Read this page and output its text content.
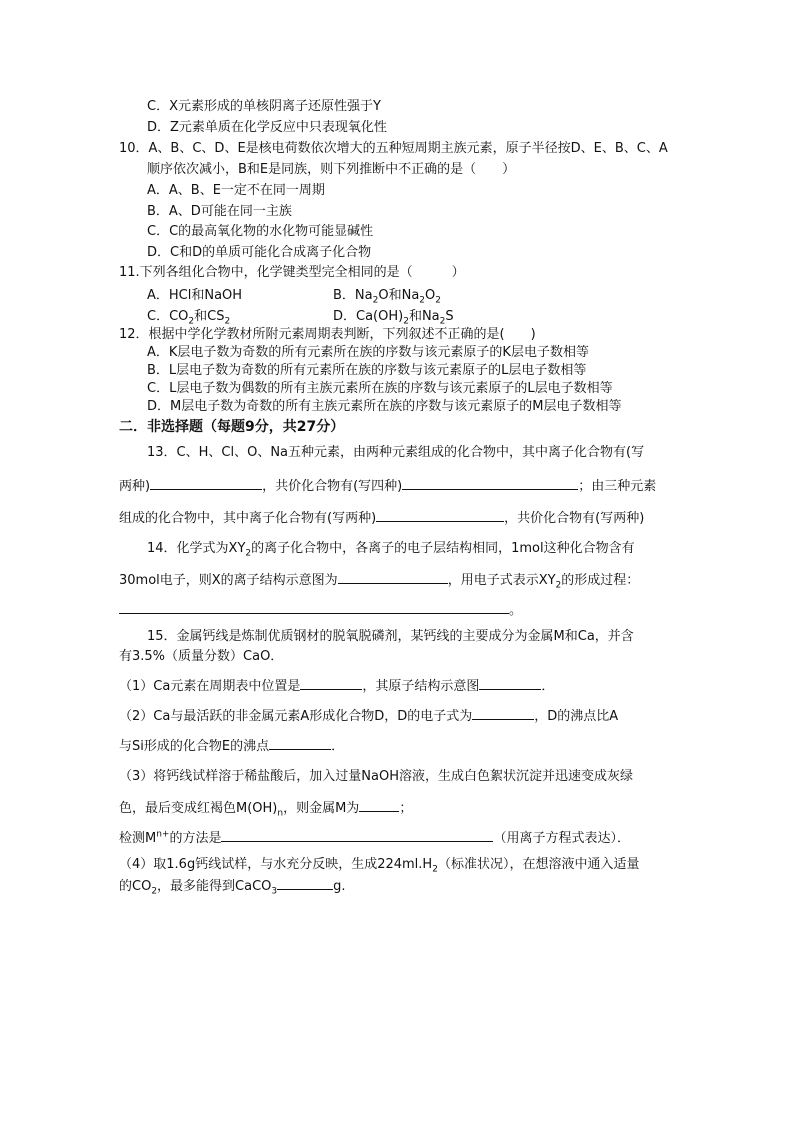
C．X元素形成的单核阴离子还原性强于Y
D．Z元素单质在化学反应中只表现氧化性
10．A、B、C、D、E是核电荷数依次增大的五种短周期主族元素，原子半径按D、E、B、C、A
顺序依次减小，B和E是同族，则下列推断中不正确的是（　　）
A．A、B、E一定不在同一周期
B．A、D可能在同一主族
C．C的最高氧化物的水化物可能显碱性
D．C和D的单质可能化合成离子化合物
11.下列各组化合物中，化学键类型完全相同的是（　　　）
A．HCl和NaOH	B．$Na_2O$和$Na_2O_2$
C．$CO_2$和$CS_2$	D．$Ca(OH)_2$和$Na_2S$
12．根据中学化学教材所附元素周期表判断，下列叙述不正确的是(　　)
A．K层电子数为奇数的所有元素所在族的序数与该元素原子的K层电子数相等
B．L层电子数为奇数的所有元素所在族的序数与该元素原子的L层电子数相等
C．L层电子数为偶数的所有主族元素所在族的序数与该元素原子的L层电子数相等
D．M层电子数为奇数的所有主族元素所在族的序数与该元素原子的M层电子数相等
二．非选择题（每题9分，共27分）
13．C、H、Cl、O、Na五种元素，由两种元素组成的化合物中，其中离子化合物有(写
两种)	，共价化合物有(写四种)	；由三种元素
组成的化合物中，其中离子化合物有(写两种)	，共价化合物有(写两种)
14．化学式为$XY_2$的离子化合物中，各离子的电子层结构相同，1mol这种化合物含有
30mol电子，则X的离子结构示意图为	，用电子式表示$XY_2$的形成过程：
。
15．金属钙线是炼制优质钢材的脱氧脱磷剂，某钙线的主要成分为金属M和Ca，并含
有3.5%（质量分数）CaO．
（1）Ca元素在周期表中位置是	，其原子结构示意图	．
（2）Ca与最活跃的非金属元素A形成化合物D，D的电子式为	，D的沸点比A
与Si形成的化合物E的沸点	．
（3）将钙线试样溶于稀盐酸后，加入过量NaOH溶液，生成白色絮状沉淀并迅速变成灰绿
色，最后变成红褐色$M(OH)_n$，则金属M为	；
检测$M^{n+}$的方法是	（用离子方程式表达）．
（4）取1.6g钙线试样，与水充分反映，生成$224ml.H_2$（标准状况），在想溶液中通入适量
的$CO_2$，最多能得到CaCO$_3$	g.
